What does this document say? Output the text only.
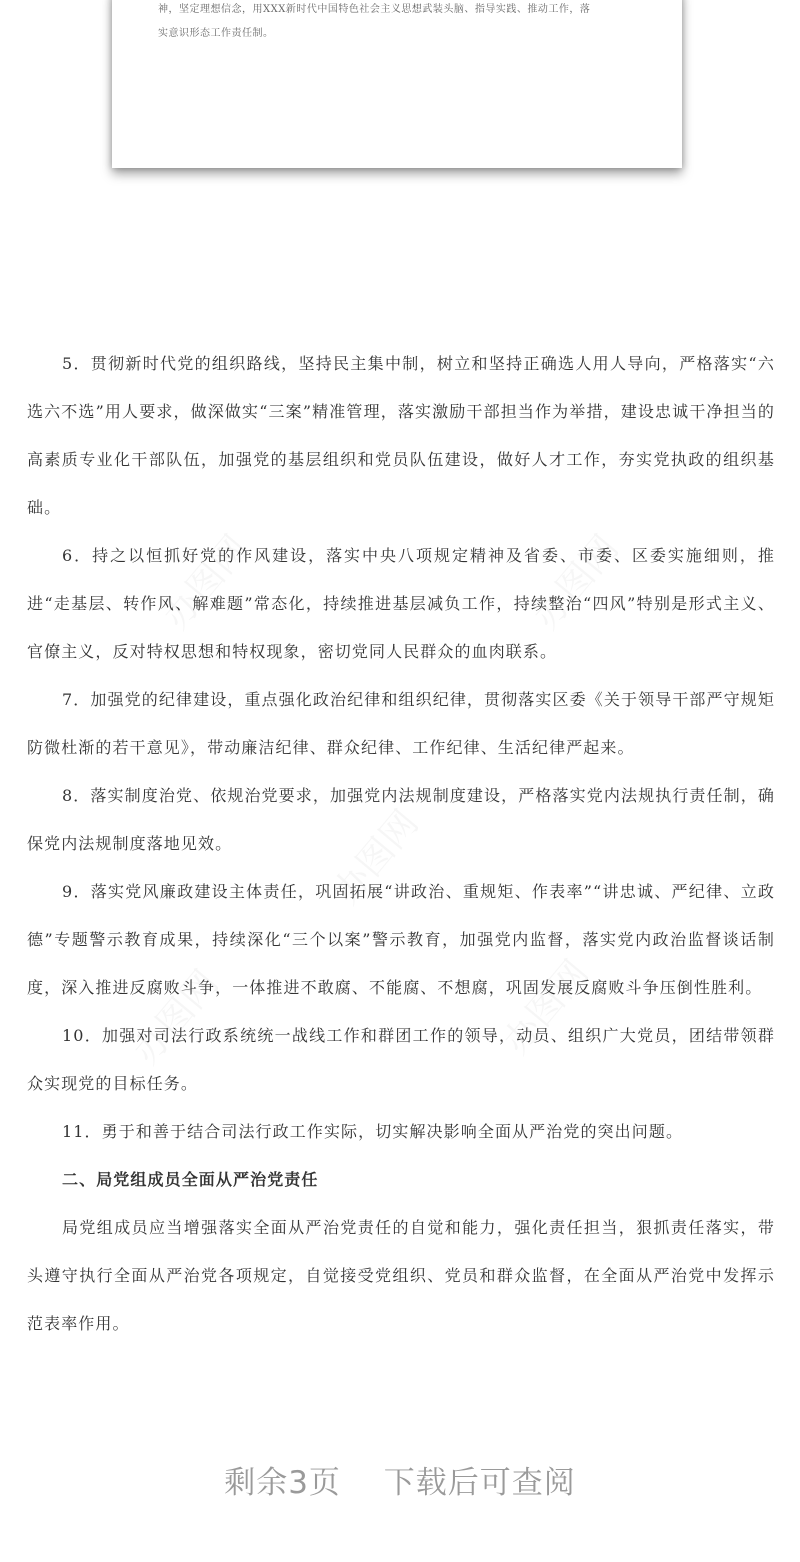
神，坚定理想信念，用XXX新时代中国特色社会主义思想武装头脑、指导实践、推动工作，落
实意识形态工作责任制。
办图网	办图网
办图网
办图网	办图网

5．贯彻新时代党的组织路线，坚持民主集中制，树立和坚持正确选人用人导向，严格落实“六选六不选”用人要求，做深做实“三案”精准管理，落实激励干部担当作为举措，建设忠诚干净担当的高素质专业化干部队伍，加强党的基层组织和党员队伍建设，做好人才工作，夯实党执政的组织基础。

6．持之以恒抓好党的作风建设，落实中央八项规定精神及省委、市委、区委实施细则，推进“走基层、转作风、解难题”常态化，持续推进基层减负工作，持续整治“四风”特别是形式主义、官僚主义，反对特权思想和特权现象，密切党同人民群众的血肉联系。

7．加强党的纪律建设，重点强化政治纪律和组织纪律，贯彻落实区委《关于领导干部严守规矩防微杜渐的若干意见》，带动廉洁纪律、群众纪律、工作纪律、生活纪律严起来。

8．落实制度治党、依规治党要求，加强党内法规制度建设，严格落实党内法规执行责任制，确保党内法规制度落地见效。

9．落实党风廉政建设主体责任，巩固拓展“讲政治、重规矩、作表率”“讲忠诚、严纪律、立政德”专题警示教育成果，持续深化“三个以案”警示教育，加强党内监督，落实党内政治监督谈话制度，深入推进反腐败斗争，一体推进不敢腐、不能腐、不想腐，巩固发展反腐败斗争压倒性胜利。

10．加强对司法行政系统统一战线工作和群团工作的领导，动员、组织广大党员，团结带领群众实现党的目标任务。

11．勇于和善于结合司法行政工作实际，切实解决影响全面从严治党的突出问题。

二、局党组成员全面从严治党责任

局党组成员应当增强落实全面从严治党责任的自觉和能力，强化责任担当，狠抓责任落实，带头遵守执行全面从严治党各项规定，自觉接受党组织、党员和群众监督，在全面从严治党中发挥示范表率作用。

剩余3页 下载后可查阅
